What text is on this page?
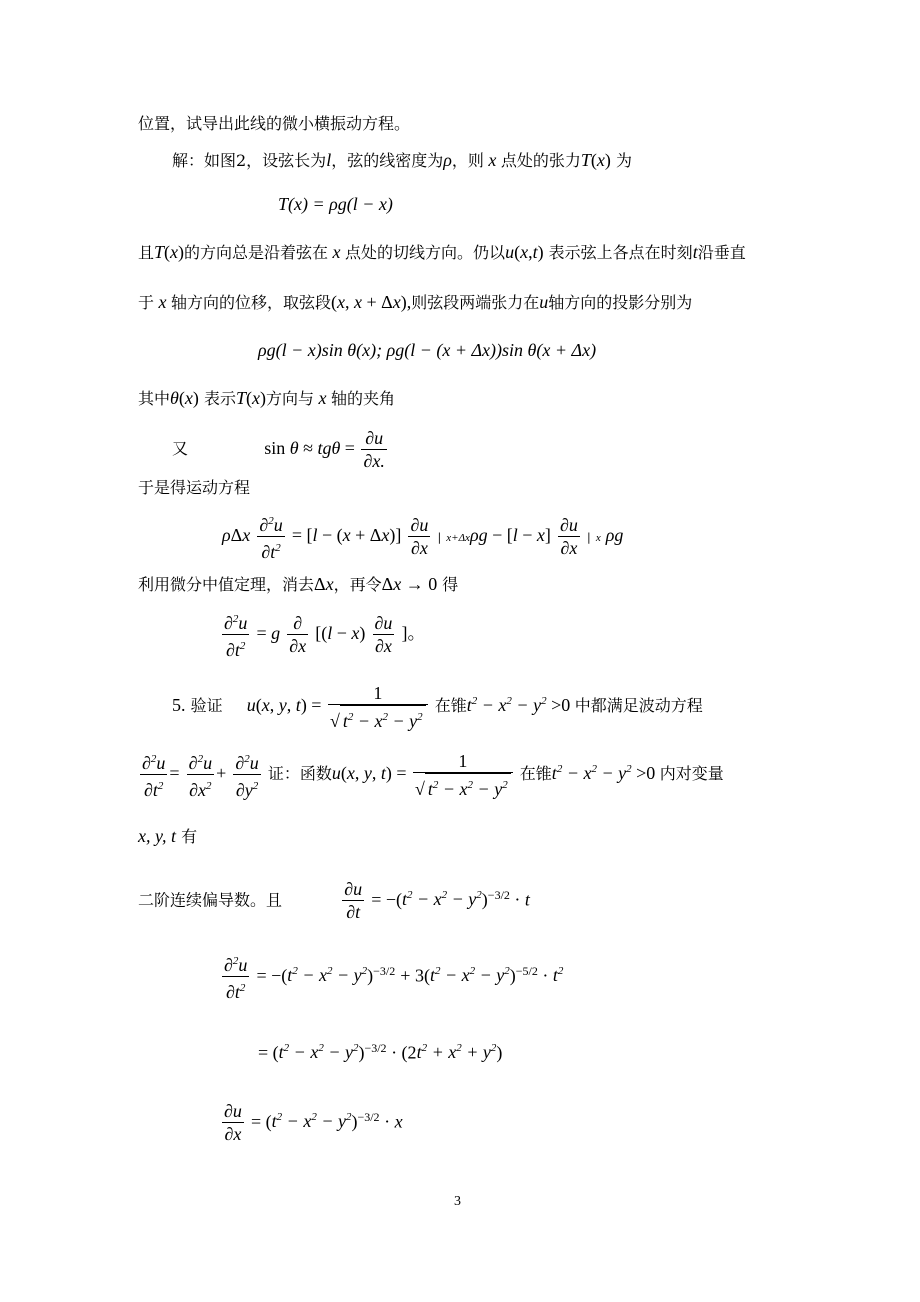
位置，试导出此线的微小横振动方程。
解：如图2，设弦长为l，弦的线密度为ρ，则 x 点处的张力T(x) 为
T(x) = ρg(l − x)
且T(x)的方向总是沿着弦在 x 点处的切线方向。仍以u(x,t) 表示弦上各点在时刻t沿垂直
于 x 轴方向的位移，取弦段(x, x + Δx),则弦段两端张力在u轴方向的投影分别为
ρg(l − x)sin θ(x); ρg(l − (x + Δx))sin θ(x + Δx)
其中θ(x) 表示T(x)方向与 x 轴的夹角
又	$\sin \theta \approx tg\theta = \frac{\partial u}{\partial x.}$
于是得运动方程
ρΔx $\frac{\partial^2u}{\partial t^2} = [l - (x + \Delta x)] \frac{\partial u}{\partial x}$ | $x+\Delta x\rho g - [l - x] \frac{\partial u}{\partial x}$ | x ρg
利用微分中值定理，消去Δx，再令Δx → 0 得
$\frac{\partial^2u}{\partial t^2} = g \frac{\partial}{\partial x} [(l - x) \frac{\partial u}{\partial x}$ ]。
5. 验证 u(x, y, $t) = \frac{1}{√ t^2 - x^2 - y^2}$ 在锥$t^2 - x^2 - y^2 >0$ 中都满足波动方程
$\frac{\partial^2u}{\partial t^2} = \frac{\partial^2u}{\partial x^2} + \frac{\partial^2u}{\partial y^2}$ 证：函数u(x, y, $t) = \frac{1}{√ t^2 - x^2 - y^2}$ 在锥$t^2 - x^2 - y^2 >0$ 内对变量
x, y, t 有
二阶连续偏导数。且	$\frac{\partial u}{\partial t} = -(t^2 - x^2 - y^2)^{-3/2} \cdot t$
$\frac{\partial^2u}{\partial t^2} = -(t^2 - x^2 - y^2)^{-3/2} + 3(t^2 - x^2 - y^2)^{-5/2} \cdot t^2$
= $(t^2 - x^2 - y^2)^{-3/2} \cdot (2t^2 + x^2 + y^2)$
$\frac{\partial u}{\partial x} = (t^2 - x^2 - y^2)^{-3/2} \cdot x$
3
